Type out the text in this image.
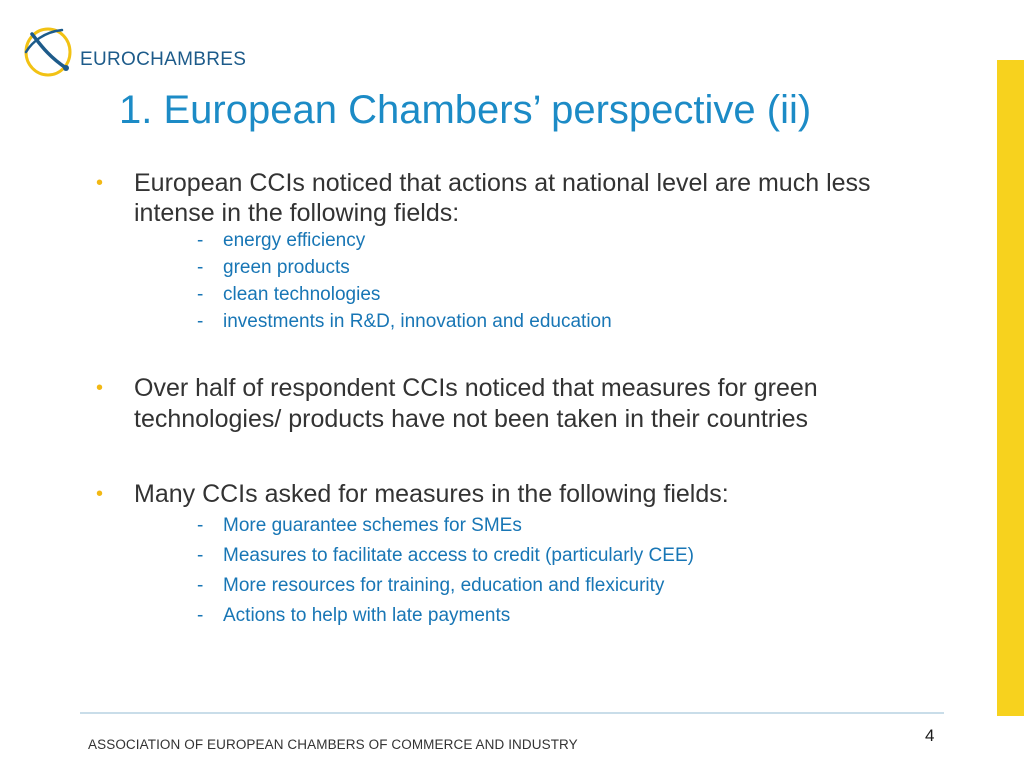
EUROCHAMBRES
1. European Chambers’ perspective (ii)
• European CCIs noticed that actions at national level are much less intense in the following fields:
- energy efficiency
- green products
- clean technologies
- investments in R&D, innovation and education
• Over half of respondent CCIs noticed that measures for green technologies/ products have not been taken in their countries
• Many CCIs asked for measures in the following fields:
- More guarantee schemes for SMEs
- Measures to facilitate access to credit (particularly CEE)
- More resources for training, education and flexicurity
- Actions to help with late payments
ASSOCIATION OF EUROPEAN CHAMBERS OF COMMERCE AND INDUSTRY	4
